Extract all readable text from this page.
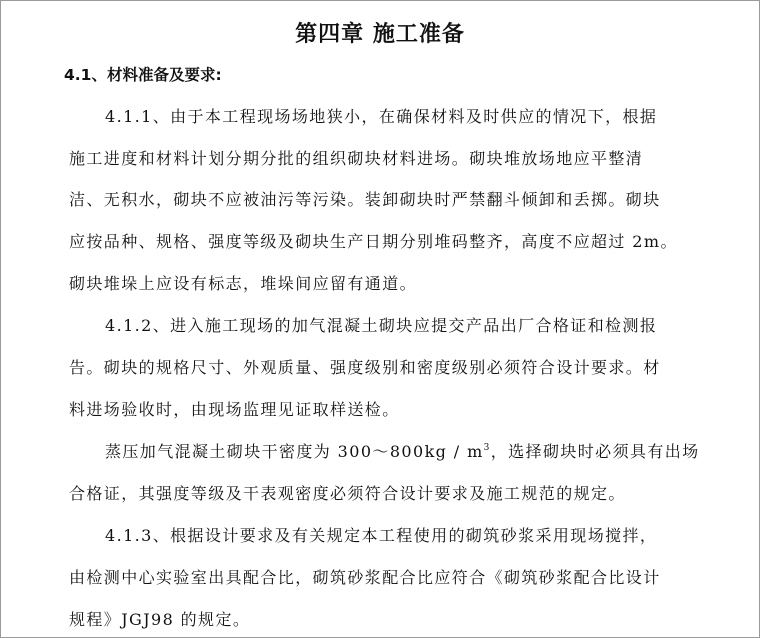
第四章 施工准备
4.1、材料准备及要求:
4.1.1、由于本工程现场场地狭小，在确保材料及时供应的情况下，根据
施工进度和材料计划分期分批的组织砌块材料进场。砌块堆放场地应平整清
洁、无积水，砌块不应被油污等污染。装卸砌块时严禁翻斗倾卸和丢掷。砌块
应按品种、规格、强度等级及砌块生产日期分别堆码整齐，高度不应超过 2m。
砌块堆垛上应设有标志，堆垛间应留有通道。
4.1.2、进入施工现场的加气混凝土砌块应提交产品出厂合格证和检测报
告。砌块的规格尺寸、外观质量、强度级别和密度级别必须符合设计要求。材
料进场验收时，由现场监理见证取样送检。
蒸压加气混凝土砌块干密度为 300～800kg / $m^3$，选择砌块时必须具有出场
合格证，其强度等级及干表观密度必须符合设计要求及施工规范的规定。
4.1.3、根据设计要求及有关规定本工程使用的砌筑砂浆采用现场搅拌，
由检测中心实验室出具配合比，砌筑砂浆配合比应符合《砌筑砂浆配合比设计
规程》JGJ98 的规定。
